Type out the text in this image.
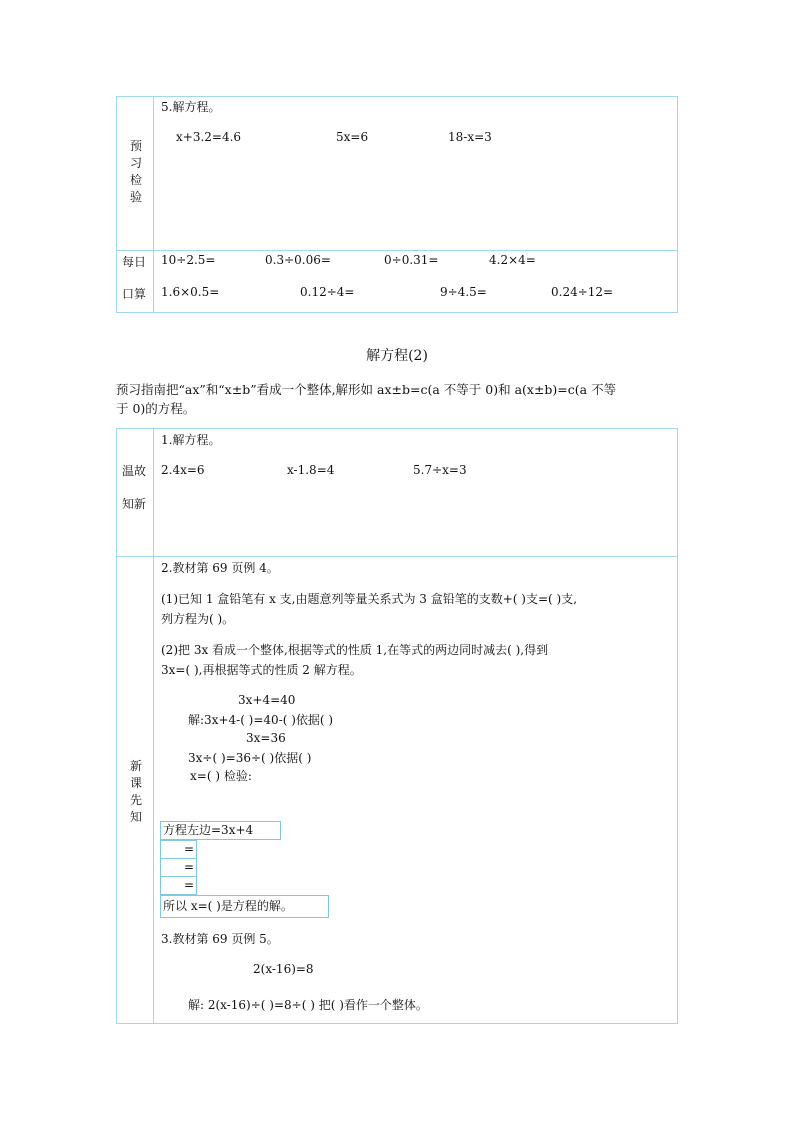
预习检验
5.解方程。
x+3.2=4.6	5x=6	18-x=3
每日
口算
10÷2.5=	0.3÷0.06=	0÷0.31=	4.2×4=
1.6×0.5=	0.12÷4=	9÷4.5=	0.24÷12=
解方程(2)
预习指南把“ax”和“x±b”看成一个整体,解形如 ax±b=c(a 不等于 0)和 a(x±b)=c(a 不等
于 0)的方程。
温故
知新
1.解方程。
2.4x=6	x-1.8=4	5.7÷x=3
新课先知
2.教材第 69 页例 4。
(1)已知 1 盒铅笔有 x 支,由题意列等量关系式为 3 盒铅笔的支数+( )支=( )支,
列方程为( )。
(2)把 3x 看成一个整体,根据等式的性质 1,在等式的两边同时减去( ),得到
3x=( ),再根据等式的性质 2 解方程。
3x+4=40
解:3x+4-( )=40-( )依据( )
3x=36
3x÷( )=36÷( )依据( )
x=( ) 检验:
方程左边=3x+4
=
=
=
所以 x=( )是方程的解。
3.教材第 69 页例 5。
2(x-16)=8
解: 2(x-16)÷( )=8÷( ) 把( )看作一个整体。
